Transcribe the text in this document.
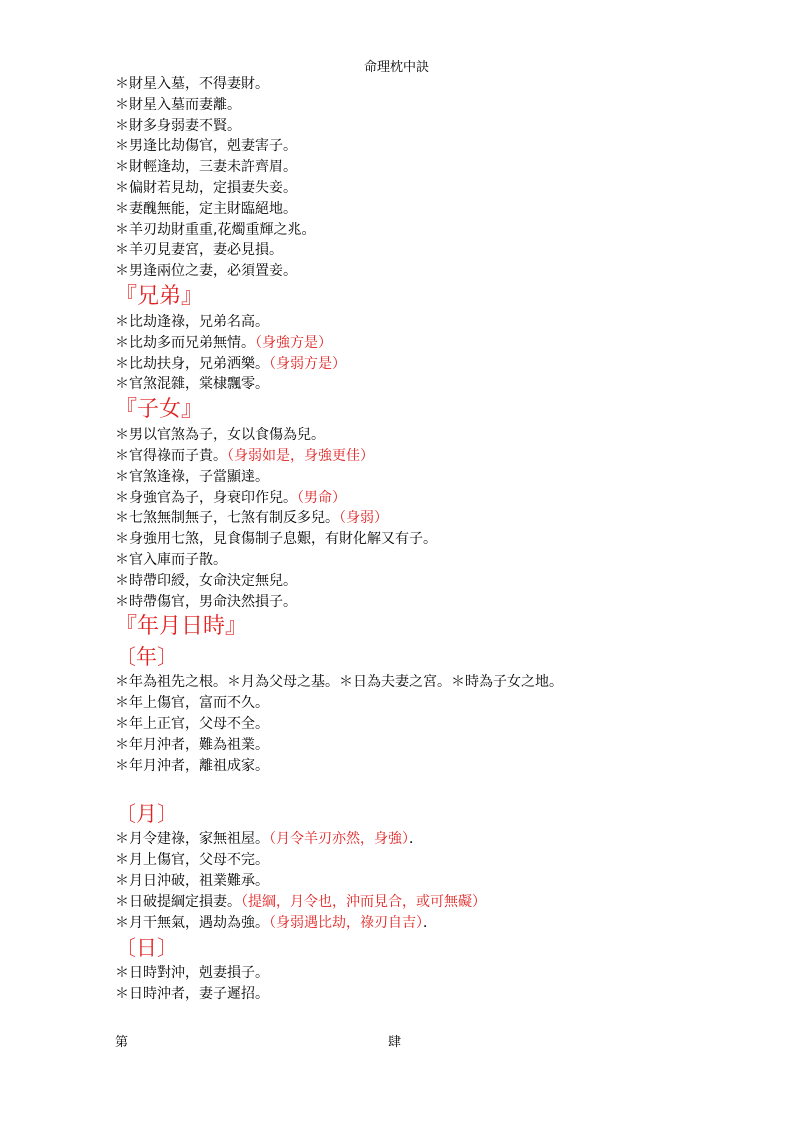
命理枕中訣
＊財星入墓，不得妻財。
＊財星入墓而妻離。
＊財多身弱妻不賢。
＊男逢比劫傷官，剋妻害子。
＊財輕逢劫，三妻未許齊眉。
＊偏財若見劫，定損妻失妾。
＊妻醜無能，定主財臨絕地。
＊羊刃劫財重重,花燭重輝之兆。
＊羊刃見妻宮，妻必見損。
＊男逢兩位之妻，必須置妾。
『兄弟』
＊比劫逢祿，兄弟名高。
＊比劫多而兄弟無情。（身強方是）
＊比劫扶身，兄弟洒樂。（身弱方是）
＊官煞混雜，棠棣飄零。
『子女』
＊男以官煞為子，女以食傷為兒。
＊官得祿而子貴。（身弱如是，身強更佳）
＊官煞逢祿，子當顯達。
＊身強官為子，身衰印作兒。（男命）
＊七煞無制無子，七煞有制反多兒。（身弱）
＊身強用七煞，見食傷制子息艱，有財化解又有子。
＊官入庫而子散。
＊時帶印綬，女命決定無兒。
＊時帶傷官，男命決然損子。
『年月日時』
〔年〕
＊年為祖先之根。＊月為父母之基。＊日為夫妻之宮。＊時為子女之地。
＊年上傷官，富而不久。
＊年上正官，父母不全。
＊年月沖者，難為祖業。
＊年月沖者，離祖成家。
〔月〕
＊月令建祿，家無祖屋。（月令羊刃亦然，身強）．
＊月上傷官，父母不完。
＊月日沖破，祖業難承。
＊日破提綱定損妻。（提綱，月令也，沖而見合，或可無礙）
＊月干無氣，遇劫為強。（身弱遇比劫，祿刃自吉）．
〔日〕
＊日時對沖，剋妻損子。
＊日時沖者，妻子遲招。
第	肆
